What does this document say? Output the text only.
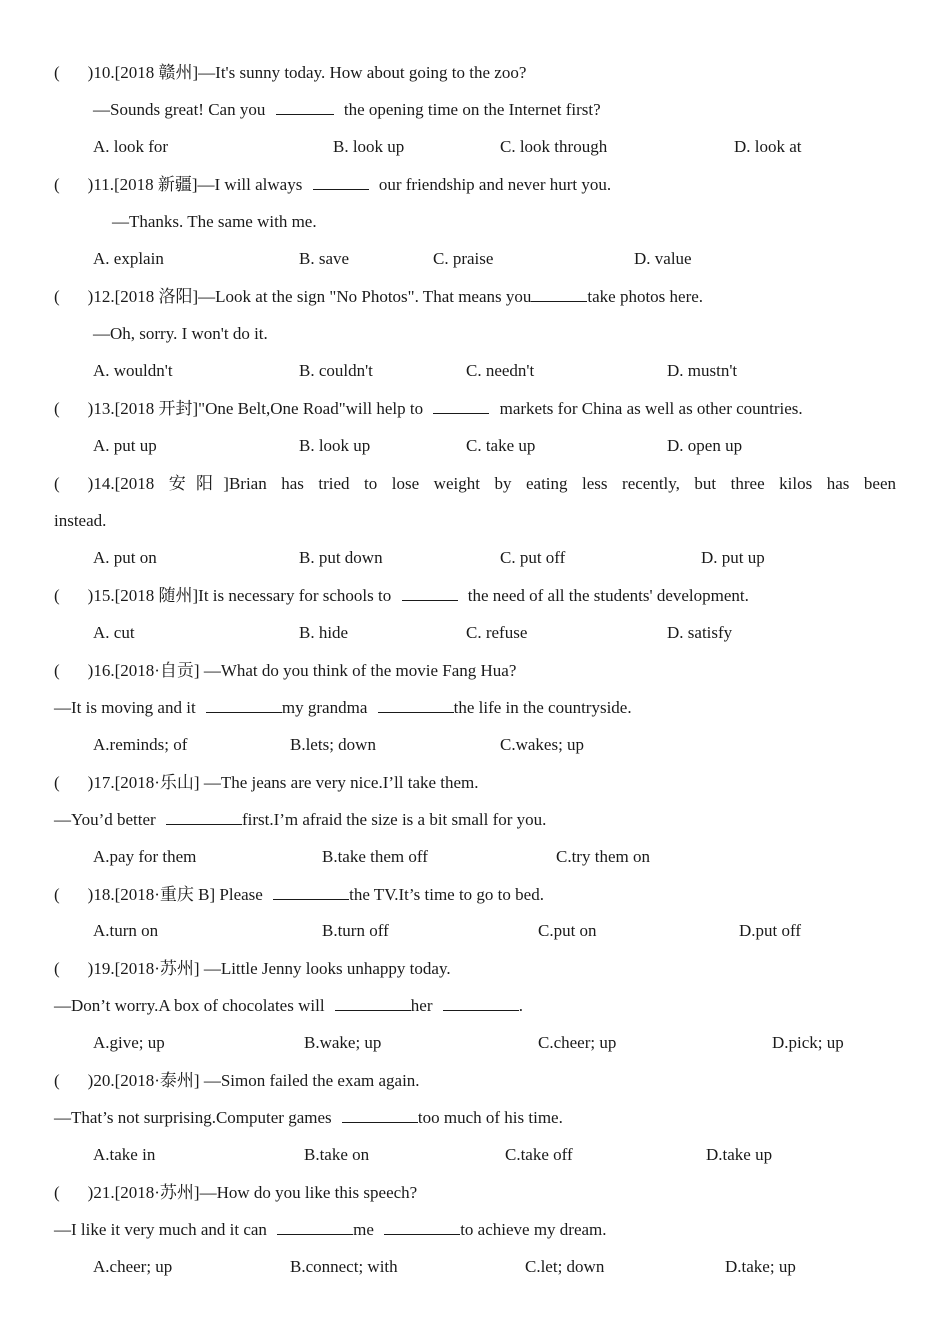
( )10.[2018 赣州]—It's sunny today. How about going to the zoo?
—Sounds great! Can you	the opening time on the Internet first?
A. look for	B. look up	C. look through	D. look at
( )11.[2018 新疆]—I will always	our friendship and never hurt you.
—Thanks. The same with me.
A. explain	B. save	C. praise	D. value
( )12.[2018 洛阳]—Look at the sign "No Photos". That means you	take photos here.
—Oh, sorry. I won't do it.
A. wouldn't	B. couldn't	C. needn't	D. mustn't
( )13.[2018 开封]"One Belt,One Road"will help to	markets for China as well as other countries.
A. put up	B. look up	C. take up	D. open up
( )14.[2018 安阳]Brian has tried to lose weight by eating less recently, but three kilos has been
instead.
A. put on	B. put down	C. put off	D. put up
( )15.[2018 随州]It is necessary for schools to	the need of all the students' development.
A. cut	B. hide	C. refuse	D. satisfy
( )16.[2018·自贡] —What do you think of the movie Fang Hua?
—It is moving and it	my grandma	the life in the countryside.
A.reminds; of	B.lets; down	C.wakes; up
( )17.[2018·乐山] —The jeans are very nice.I’ll take them.
—You’d better	first.I’m afraid the size is a bit small for you.
A.pay for them	B.take them off	C.try them on
( )18.[2018·重庆 B] Please	the TV.It’s time to go to bed.
A.turn on	B.turn off	C.put on	D.put off
( )19.[2018·苏州] —Little Jenny looks unhappy today.
—Don’t worry.A box of chocolates will	her	.
A.give; up	B.wake; up	C.cheer; up	D.pick; up
( )20.[2018·泰州] —Simon failed the exam again.
—That’s not surprising.Computer games	too much of his time.
A.take in	B.take on	C.take off	D.take up
( )21.[2018·苏州]—How do you like this speech?
—I like it very much and it can	me	to achieve my dream.
A.cheer; up	B.connect; with	C.let; down	D.take; up
